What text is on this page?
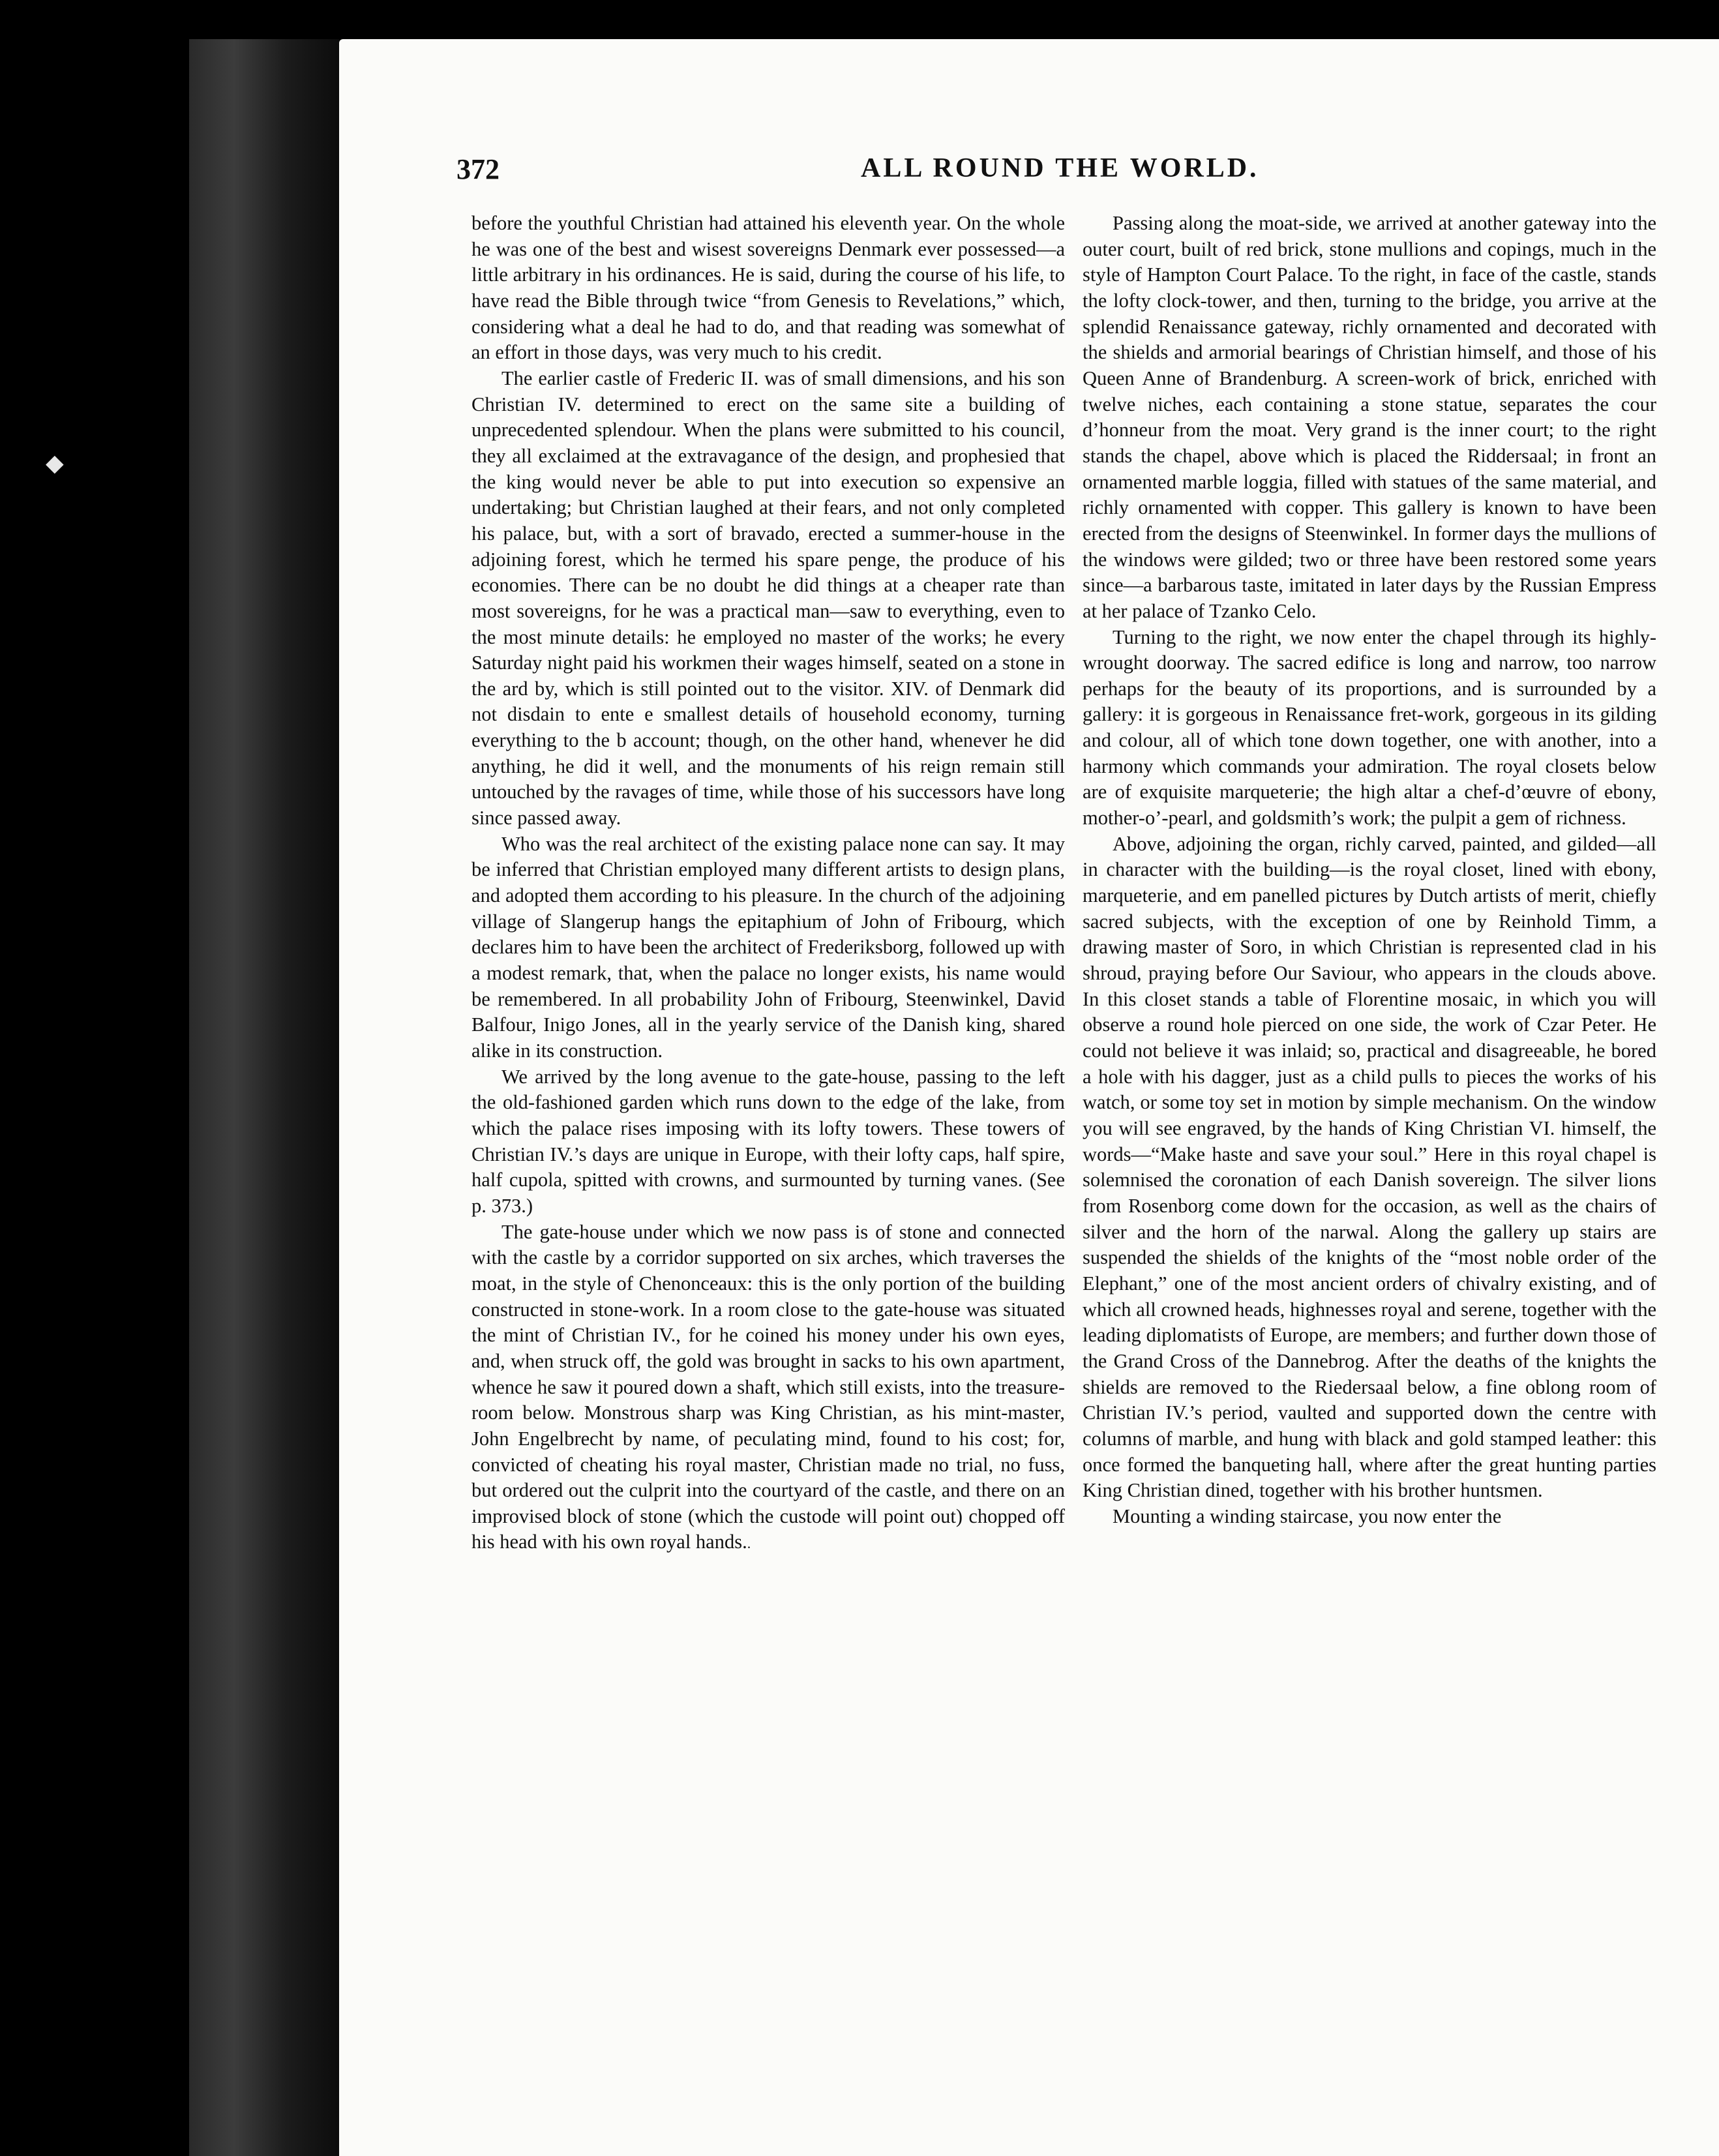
◆
372	ALL ROUND THE WORLD.

before the youthful Christian had attained his eleventh year. On the whole he was one of the best and wisest sovereigns Denmark ever possessed—a little arbitrary in his ordinances. He is said, during the course of his life, to have read the Bible through twice “from Genesis to Revelations,” which, considering what a deal he had to do, and that reading was somewhat of an effort in those days, was very much to his credit.

The earlier castle of Frederic II. was of small dimensions, and his son Christian IV. determined to erect on the same site a building of unprecedented splendour. When the plans were submitted to his council, they all exclaimed at the extravagance of the design, and prophesied that the king would never be able to put into execution so expensive an undertaking; but Christian laughed at their fears, and not only completed his palace, but, with a sort of bravado, erected a summer-house in the adjoining forest, which he termed his spare penge, the produce of his economies. There can be no doubt he did things at a cheaper rate than most sovereigns, for he was a practical man—saw to everything, even to the most minute details: he employed no master of the works; he every Saturday night paid his workmen their wages himself, seated on a stone in the ard by, which is still pointed out to the visitor. XIV. of Denmark did not disdain to ente e smallest details of household economy, turning everything to the b account; though, on the other hand, whenever he did anything, he did it well, and the monuments of his reign remain still untouched by the ravages of time, while those of his successors have long since passed away.

Who was the real architect of the existing palace none can say. It may be inferred that Christian employed many different artists to design plans, and adopted them according to his pleasure. In the church of the adjoining village of Slangerup hangs the epitaphium of John of Fribourg, which declares him to have been the architect of Frederiksborg, followed up with a modest remark, that, when the palace no longer exists, his name would be remembered. In all probability John of Fribourg, Steenwinkel, David Balfour, Inigo Jones, all in the yearly service of the Danish king, shared alike in its construction.

We arrived by the long avenue to the gate-house, passing to the left the old-fashioned garden which runs down to the edge of the lake, from which the palace rises imposing with its lofty towers. These towers of Christian IV.’s days are unique in Europe, with their lofty caps, half spire, half cupola, spitted with crowns, and surmounted by turning vanes. (See p. 373.)

The gate-house under which we now pass is of stone and connected with the castle by a corridor supported on six arches, which traverses the moat, in the style of Chenonceaux: this is the only portion of the building constructed in stone-work. In a room close to the gate-house was situated the mint of Christian IV., for he coined his money under his own eyes, and, when struck off, the gold was brought in sacks to his own apartment, whence he saw it poured down a shaft, which still exists, into the treasure-room below. Monstrous sharp was King Christian, as his mint-master, John Engelbrecht by name, of peculating mind, found to his cost; for, convicted of cheating his royal master, Christian made no trial, no fuss, but ordered out the culprit into the courtyard of the castle, and there on an improvised block of stone (which the custode will point out) chopped off his head with his own royal hands..

Passing along the moat-side, we arrived at another gateway into the outer court, built of red brick, stone mullions and copings, much in the style of Hampton Court Palace. To the right, in face of the castle, stands the lofty clock-tower, and then, turning to the bridge, you arrive at the splendid Renaissance gateway, richly ornamented and decorated with the shields and armorial bearings of Christian himself, and those of his Queen Anne of Brandenburg. A screen-work of brick, enriched with twelve niches, each containing a stone statue, separates the cour d’honneur from the moat. Very grand is the inner court; to the right stands the chapel, above which is placed the Riddersaal; in front an ornamented marble loggia, filled with statues of the same material, and richly ornamented with copper. This gallery is known to have been erected from the designs of Steenwinkel. In former days the mullions of the windows were gilded; two or three have been restored some years since—a barbarous taste, imitated in later days by the Russian Empress at her palace of Tzanko Celo.

Turning to the right, we now enter the chapel through its highly-wrought doorway. The sacred edifice is long and narrow, too narrow perhaps for the beauty of its proportions, and is surrounded by a gallery: it is gorgeous in Renaissance fret-work, gorgeous in its gilding and colour, all of which tone down together, one with another, into a harmony which commands your admiration. The royal closets below are of exquisite marqueterie; the high altar a chef-d’œuvre of ebony, mother-o’-pearl, and goldsmith’s work; the pulpit a gem of richness.

Above, adjoining the organ, richly carved, painted, and gilded—all in character with the building—is the royal closet, lined with ebony, marqueterie, and em panelled pictures by Dutch artists of merit, chiefly sacred subjects, with the exception of one by Reinhold Timm, a drawing master of Soro, in which Christian is represented clad in his shroud, praying before Our Saviour, who appears in the clouds above. In this closet stands a table of Florentine mosaic, in which you will observe a round hole pierced on one side, the work of Czar Peter. He could not believe it was inlaid; so, practical and disagreeable, he bored a hole with his dagger, just as a child pulls to pieces the works of his watch, or some toy set in motion by simple mechanism. On the window you will see engraved, by the hands of King Christian VI. himself, the words—“Make haste and save your soul.” Here in this royal chapel is solemnised the coronation of each Danish sovereign. The silver lions from Rosenborg come down for the occasion, as well as the chairs of silver and the horn of the narwal. Along the gallery up stairs are suspended the shields of the knights of the “most noble order of the Elephant,” one of the most ancient orders of chivalry existing, and of which all crowned heads, highnesses royal and serene, together with the leading diplomatists of Europe, are members; and further down those of the Grand Cross of the Dannebrog. After the deaths of the knights the shields are removed to the Riedersaal below, a fine oblong room of Christian IV.’s period, vaulted and supported down the centre with columns of marble, and hung with black and gold stamped leather: this once formed the banqueting hall, where after the great hunting parties King Christian dined, together with his brother huntsmen.

Mounting a winding staircase, you now enter the
